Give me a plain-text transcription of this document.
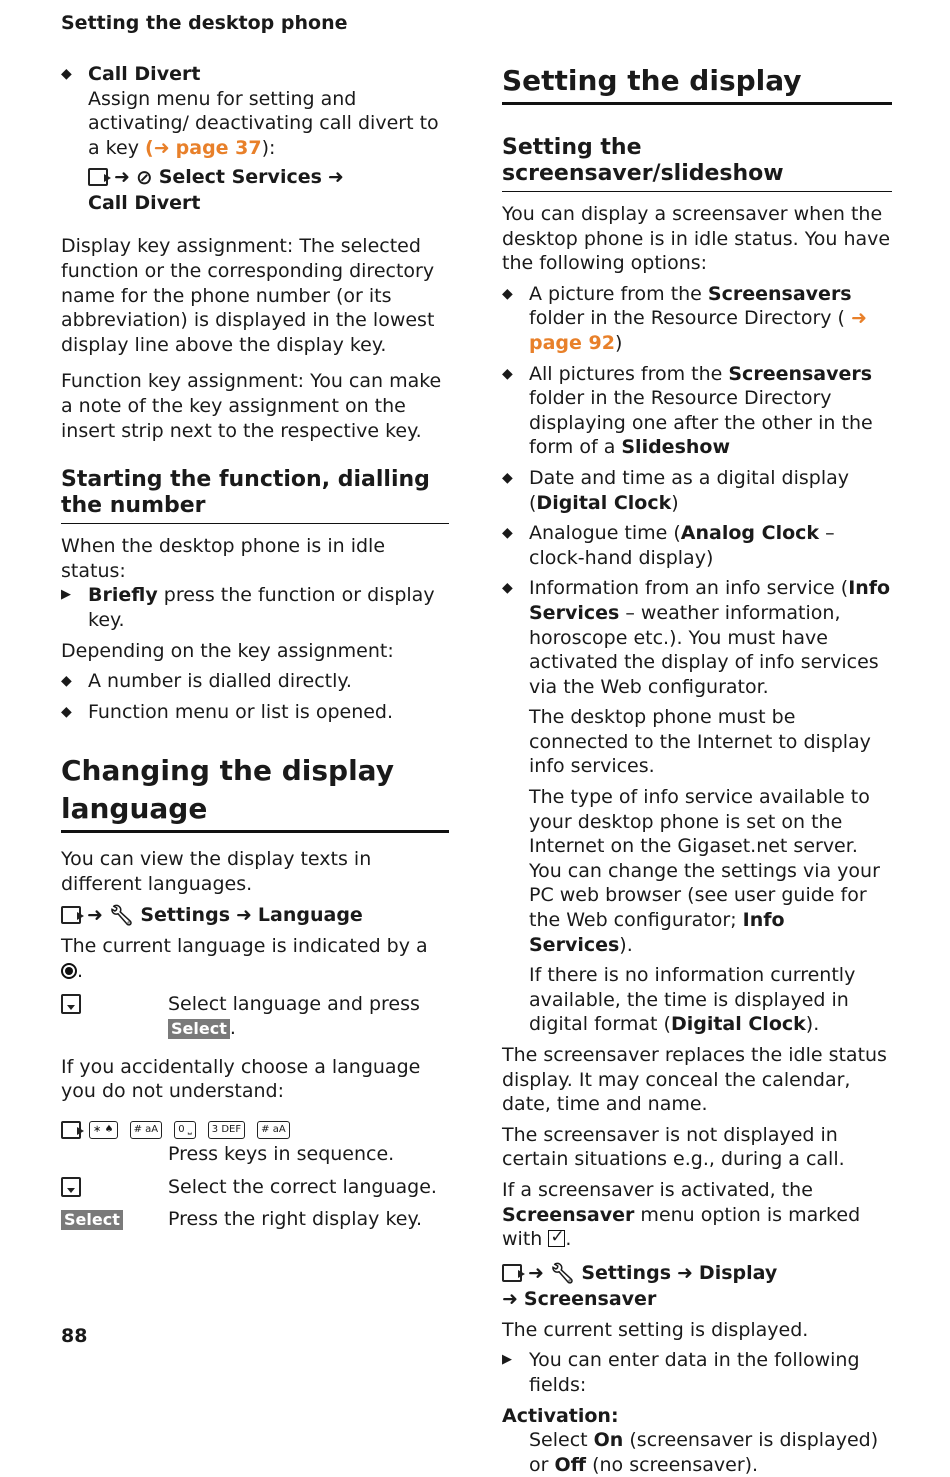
Setting the desktop phone
◆ Call Divert
Assign menu for setting and activating/ deactivating call divert to a key (➜ page 37):
➜ ⊘ Select Services ➜
Call Divert

Display key assignment: The selected function or the corresponding directory name for the phone number (or its abbreviation) is displayed in the lowest display line above the display key.

Function key assignment: You can make a note of the key assignment on the insert strip next to the respective key.

Starting the function, dialling the number

When the desktop phone is in idle status:

▶ Briefly press the function or display key.

Depending on the key assignment:

◆ A number is dialled directly.
◆ Function menu or list is opened.
Changing the display language

You can view the display texts in different languages.

➜ 🔧︎ Settings ➜ Language

The current language is indicated by a .

Select language and press Select .

If you accidentally choose a language you do not understand:

∗ ♠ # aA 0 ⎵ 3 DEF # aA
Press keys in sequence.
Select the correct language.
Select	Press the right display key.
Setting the display
Setting the screensaver/slideshow

You can display a screensaver when the desktop phone is in idle status. You have the following options:

◆ A picture from the Screensavers folder in the Resource Directory ( ➜ page 92)
◆ All pictures from the Screensavers folder in the Resource Directory displaying one after the other in the form of a Slideshow
◆ Date and time as a digital display (Digital Clock)
◆ Analogue time (Analog Clock – clock-hand display)
◆ Information from an info service (Info Services – weather information, horoscope etc.). You must have activated the display of info services via the Web configurator.

The desktop phone must be connected to the Internet to display info services.

The type of info service available to your desktop phone is set on the Internet on the Gigaset.net server. You can change the settings via your PC web browser (see user guide for the Web configurator; Info Services).

If there is no information currently available, the time is displayed in digital format (Digital Clock).

The screensaver replaces the idle status display. It may conceal the calendar, date, time and name.

The screensaver is not displayed in certain situations e.g., during a call.

If a screensaver is activated, the Screensaver menu option is marked with ✓ .

➜ 🔧︎ Settings ➜ Display
➜ Screensaver

The current setting is displayed.

▶ You can enter data in the following fields:

Activation:

Select On (screensaver is displayed) or Off (no screensaver).

88
